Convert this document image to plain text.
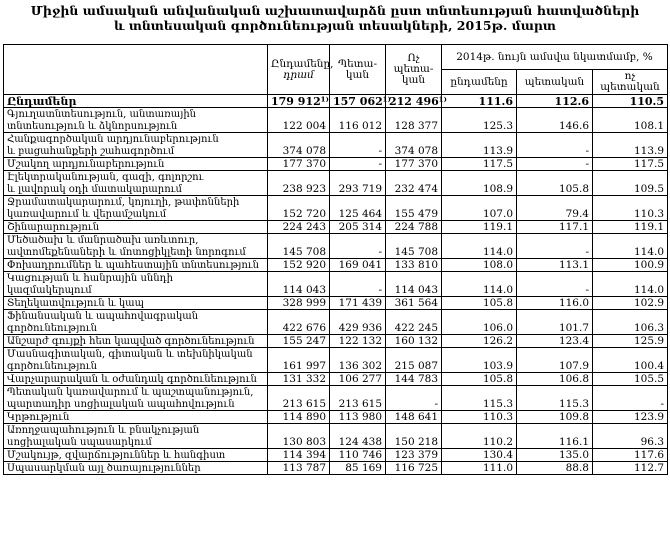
Միջին ամսական անվանական աշխատավարձն ըստ տնտեսության հատվածների
և տնտեսական գործունեության տեսակների, 2015թ. մարտ
	Ընդամենը,
դրամ	Պետա-
կան	Ոչ
պետա-
կան	2014թ. նույն ամսվա նկատմամբ, %		
				ընդամենը	պետական	ոչ
պետական

Ընդամենը	179 912¹⁾	157 062¹⁾	212 496¹⁾	111.6	112.6	110.5

Գյուղատնտեսություն, անտառային
տնտեսություն և ձկնորսություն	122 004	116 012	128 377	125.3	146.6	108.1

Հանքագործական արդյունաբերություն
և բացահանքերի շահագործում	374 078	-	374 078	113.9	-	113.9

Մշակող արդյունաբերություն	177 370	-	177 370	117.5	-	117.5

Էլեկտրականության, գազի, գոլորշու
և լավորակ օդի մատակարարում	238 923	293 719	232 474	108.9	105.8	109.5

Ջրամատակարարում, կոյուղի, թափոնների
կառավարում և վերամշակում	152 720	125 464	155 479	107.0	79.4	110.3

Շինարարություն	224 243	205 314	224 788	119.1	117.1	119.1

Մեծածախ և մանրածախ առևտուր,
ավտոմեքենաների և մոտոցիկլետի նորոգում	145 708	-	145 708	114.0	-	114.0

Փոխադրումներ և պահեստային տնտեսություն	152 920	169 041	133 810	108.0	113.1	100.9

Կացության և հանրային սննդի
կազմակերպում	114 043	-	114 043	114.0	-	114.0

Տեղեկատվություն և կապ	328 999	171 439	361 564	105.8	116.0	102.9

Ֆինանսական և ապահովագրական
գործունեություն	422 676	429 936	422 245	106.0	101.7	106.3

Անշարժ գույքի հետ կապված գործունեություն	155 247	122 132	160 132	126.2	123.4	125.9

Մասնագիտական, գիտական և տեխնիկական
գործունեություն	161 997	136 302	215 087	103.9	107.9	100.4

Վարչարարական և օժանդակ գործունեություն	131 332	106 277	144 783	105.8	106.8	105.5

Պետական կառավարում և պաշտպանություն,
պարտադիր սոցիալական ապահովություն	213 615	213 615	-	115.3	115.3	-

Կրթություն	114 890	113 980	148 641	110.3	109.8	123.9

Առողջապահություն և բնակչության
սոցիալական սպասարկում	130 803	124 438	150 218	110.2	116.1	96.3

Մշակույթ, զվարճություններ և հանգիստ	114 394	110 746	123 379	130.4	135.0	117.6

Սպասարկման այլ ծառայություններ	113 787	85 169	116 725	111.0	88.8	112.7
